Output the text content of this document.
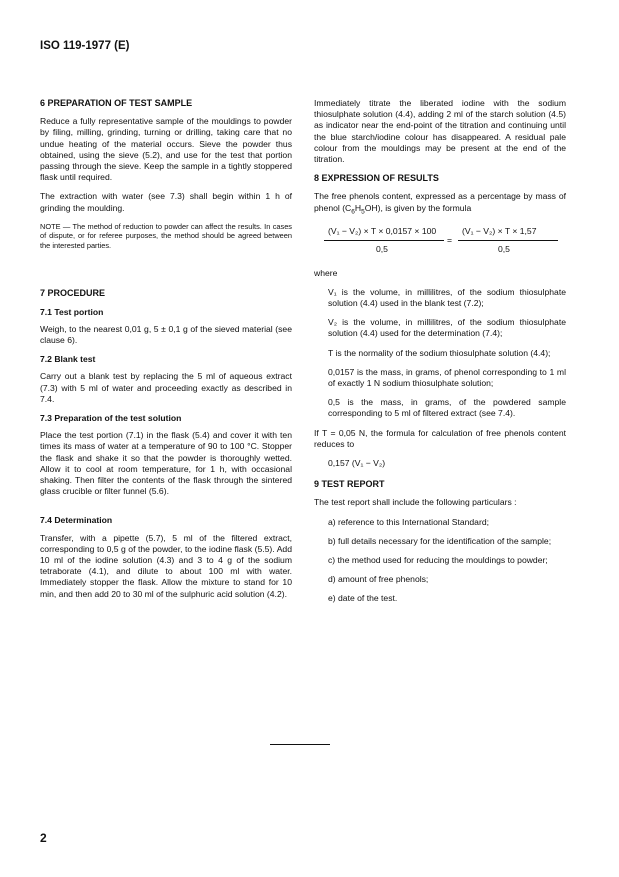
ISO 119-1977 (E)
6 PREPARATION OF TEST SAMPLE

Reduce a fully representative sample of the mouldings to powder by filing, milling, grinding, turning or drilling, taking care that no undue heating of the material occurs. Sieve the powder thus obtained, using the sieve (5.2), and use for the test that portion passing through the sieve. Keep the sample in a tightly stoppered flask until required.

The extraction with water (see 7.3) shall begin within 1 h of grinding the moulding.

NOTE — The method of reduction to powder can affect the results. In cases of dispute, or for referee purposes, the method should be agreed between the interested parties.
7 PROCEDURE
7.1 Test portion

Weigh, to the nearest 0,01 g, 5 ± 0,1 g of the sieved material (see clause 6).

7.2 Blank test

Carry out a blank test by replacing the 5 ml of aqueous extract (7.3) with 5 ml of water and proceeding exactly as described in 7.4.

7.3 Preparation of the test solution

Place the test portion (7.1) in the flask (5.4) and cover it with ten times its mass of water at a temperature of 90 to 100 °C. Stopper the flask and shake it so that the powder is thoroughly wetted. Allow it to cool at room temperature, for 1 h, with occasional shaking. Then filter the contents of the flask through the sintered glass crucible or filter funnel (5.6).

7.4 Determination

Transfer, with a pipette (5.7), 5 ml of the filtered extract, corresponding to 0,5 g of the powder, to the iodine flask (5.5). Add 10 ml of the iodine solution (4.3) and 3 to 4 g of the sodium tetraborate (4.1), and dilute to about 100 ml with water. Immediately stopper the flask. Allow the mixture to stand for 10 min, and then add 20 to 30 ml of the sulphuric acid solution (4.2).

Immediately titrate the liberated iodine with the sodium thiosulphate solution (4.4), adding 2 ml of the starch solution (4.5) as indicator near the end-point of the titration and continuing until the blue starch/iodine colour has disappeared. A residual pale colour from the mouldings may be present at the end of the titration.

8 EXPRESSION OF RESULTS

The free phenols content, expressed as a percentage by mass of phenol $(C_6H_5OH)$, is given by the formula

(V₁ − V₂) × T × 0,0157 × 100	(V₁ − V₂) × T × 1,57
=
0,5	0,5

where

V₁ is the volume, in millilitres, of the sodium thiosulphate solution (4.4) used in the blank test (7.2);

V₂ is the volume, in millilitres, of the sodium thiosulphate solution (4.4) used for the determination (7.4);

T is the normality of the sodium thiosulphate solution (4.4);

0,0157 is the mass, in grams, of phenol corresponding to 1 ml of exactly 1 N sodium thiosulphate solution;

0,5 is the mass, in grams, of the powdered sample corresponding to 5 ml of filtered extract (see 7.4).

If T = 0,05 N, the formula for calculation of free phenols content reduces to

0,157 (V₁ − V₂)
9 TEST REPORT

The test report shall include the following particulars :

a) reference to this International Standard;

b) full details necessary for the identification of the sample;

c) the method used for reducing the mouldings to powder;

d) amount of free phenols;

e) date of the test.

2
